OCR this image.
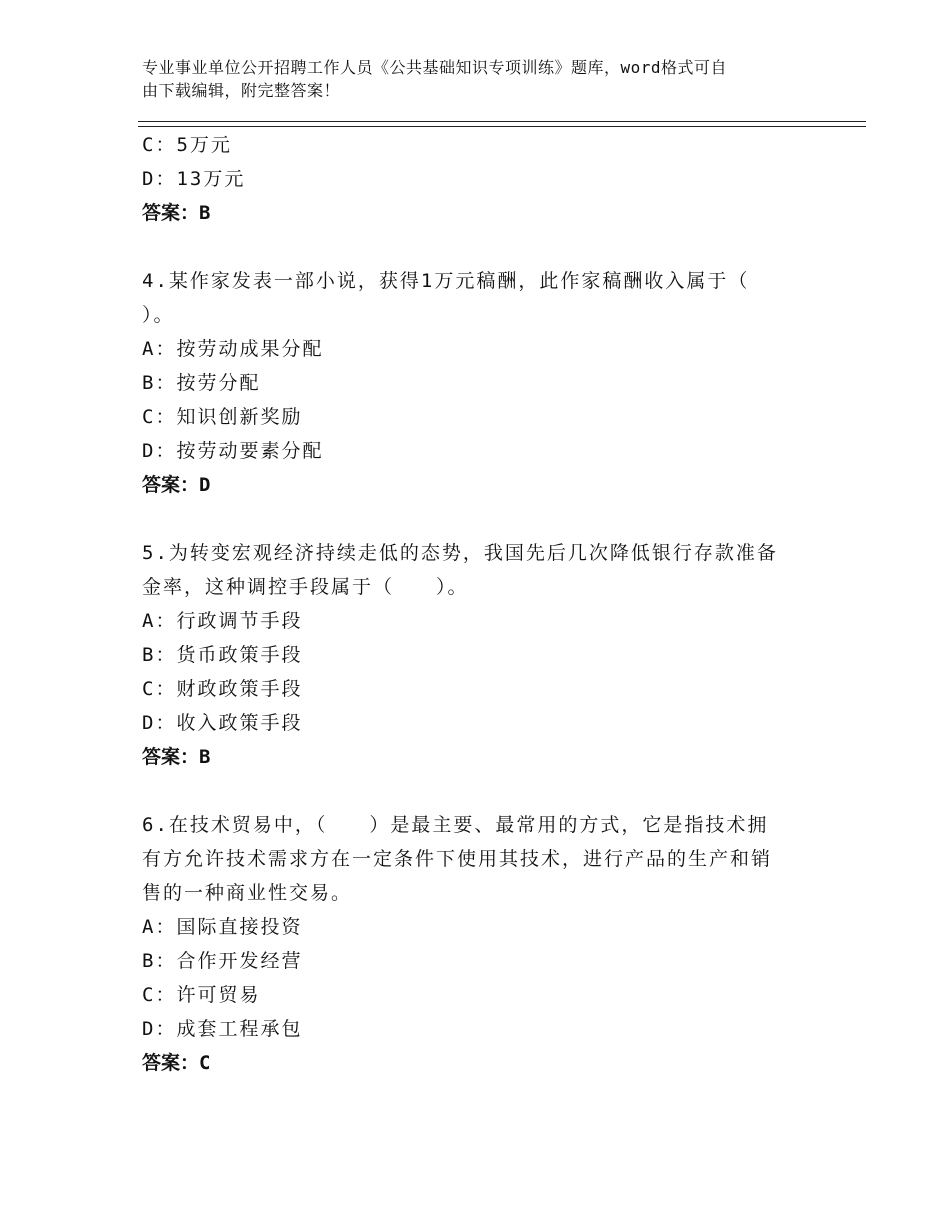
专业事业单位公开招聘工作人员《公共基础知识专项训练》题库，word格式可自
由下载编辑，附完整答案！
C：5万元
D：13万元
答案：B
4.某作家发表一部小说，获得1万元稿酬，此作家稿酬收入属于（
）。
A：按劳动成果分配
B：按劳分配
C：知识创新奖励
D：按劳动要素分配
答案：D
5.为转变宏观经济持续走低的态势，我国先后几次降低银行存款准备
金率，这种调控手段属于（　　）。
A：行政调节手段
B：货币政策手段
C：财政政策手段
D：收入政策手段
答案：B
6.在技术贸易中，（　　）是最主要、最常用的方式，它是指技术拥
有方允许技术需求方在一定条件下使用其技术，进行产品的生产和销
售的一种商业性交易。
A：国际直接投资
B：合作开发经营
C：许可贸易
D：成套工程承包
答案：C
